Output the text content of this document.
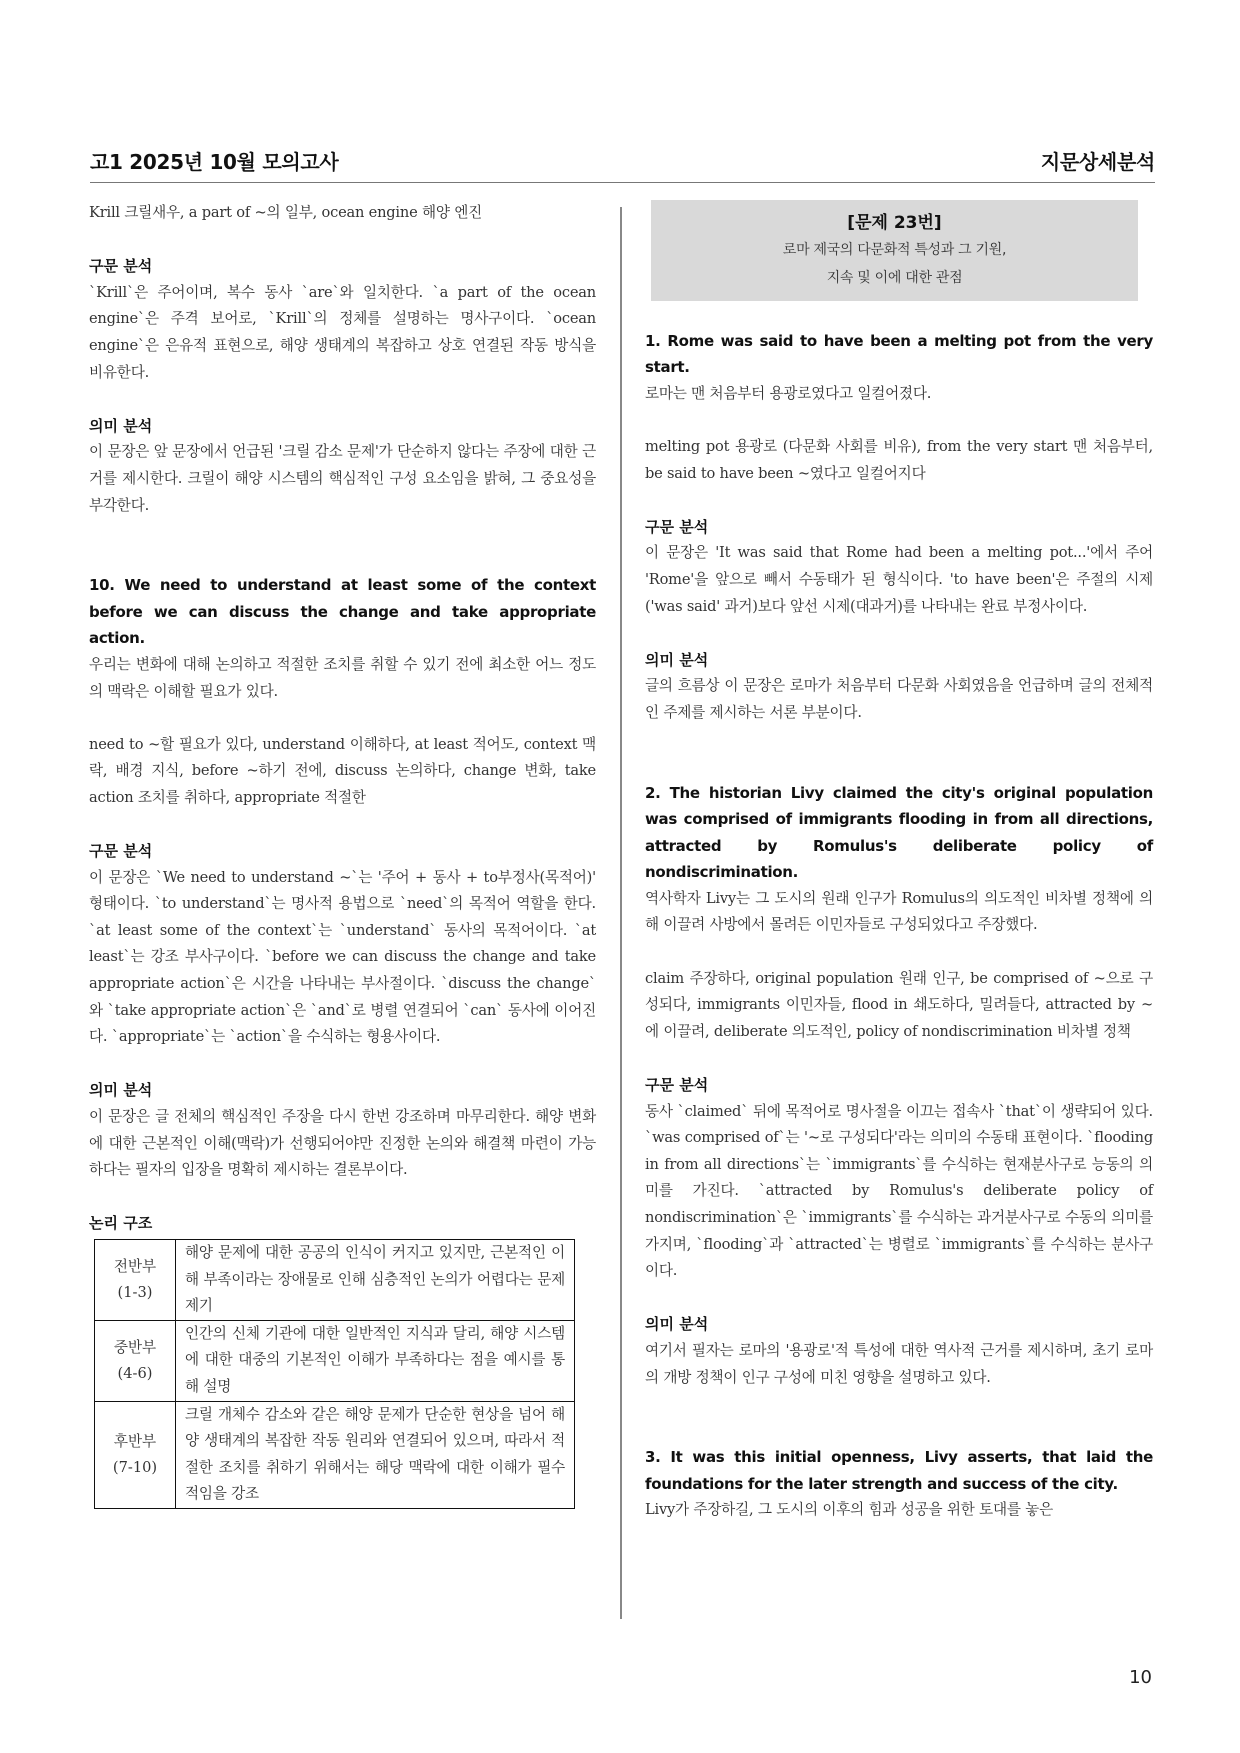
고1 2025년 10월 모의고사	지문상세분석

Krill 크릴새우, a part of ~의 일부, ocean engine 해양 엔진

구문 분석

`Krill`은 주어이며, 복수 동사 `are`와 일치한다. `a part of the ocean engine`은 주격 보어로, `Krill`의 정체를 설명하는 명사구이다. `ocean engine`은 은유적 표현으로, 해양 생태계의 복잡하고 상호 연결된 작동 방식을 비유한다.

의미 분석

이 문장은 앞 문장에서 언급된 '크릴 감소 문제'가 단순하지 않다는 주장에 대한 근거를 제시한다. 크릴이 해양 시스템의 핵심적인 구성 요소임을 밝혀, 그 중요성을 부각한다.

10. We need to understand at least some of the context before we can discuss the change and take appropriate action.

우리는 변화에 대해 논의하고 적절한 조치를 취할 수 있기 전에 최소한 어느 정도의 맥락은 이해할 필요가 있다.

need to ~할 필요가 있다, understand 이해하다, at least 적어도, context 맥락, 배경 지식, before ~하기 전에, discuss 논의하다, change 변화, take action 조치를 취하다, appropriate 적절한

구문 분석

이 문장은 `We need to understand ~`는 '주어 + 동사 + to부정사(목적어)' 형태이다. `to understand`는 명사적 용법으로 `need`의 목적어 역할을 한다. `at least some of the context`는 `understand` 동사의 목적어이다. `at least`는 강조 부사구이다. `before we can discuss the change and take appropriate action`은 시간을 나타내는 부사절이다. `discuss the change`와 `take appropriate action`은 `and`로 병렬 연결되어 `can` 동사에 이어진다. `appropriate`는 `action`을 수식하는 형용사이다.

의미 분석

이 문장은 글 전체의 핵심적인 주장을 다시 한번 강조하며 마무리한다. 해양 변화에 대한 근본적인 이해(맥락)가 선행되어야만 진정한 논의와 해결책 마련이 가능하다는 필자의 입장을 명확히 제시하는 결론부이다.

논리 구조

전반부
(1-3)	해양 문제에 대한 공공의 인식이 커지고 있지만, 근본적인 이해 부족이라는 장애물로 인해 심층적인 논의가 어렵다는 문제 제기

중반부
(4-6)	인간의 신체 기관에 대한 일반적인 지식과 달리, 해양 시스템에 대한 대중의 기본적인 이해가 부족하다는 점을 예시를 통해 설명

후반부
(7-10)	크릴 개체수 감소와 같은 해양 문제가 단순한 현상을 넘어 해양 생태계의 복잡한 작동 원리와 연결되어 있으며, 따라서 적절한 조치를 취하기 위해서는 해당 맥락에 대한 이해가 필수적임을 강조

[문제 23번]
로마 제국의 다문화적 특성과 그 기원,
지속 및 이에 대한 관점

1. Rome was said to have been a melting pot from the very start.

로마는 맨 처음부터 용광로였다고 일컬어졌다.

melting pot 용광로 (다문화 사회를 비유), from the very start 맨 처음부터, be said to have been ~였다고 일컬어지다

구문 분석

이 문장은 'It was said that Rome had been a melting pot...'에서 주어 'Rome'을 앞으로 빼서 수동태가 된 형식이다. 'to have been'은 주절의 시제('was said' 과거)보다 앞선 시제(대과거)를 나타내는 완료 부정사이다.

의미 분석

글의 흐름상 이 문장은 로마가 처음부터 다문화 사회였음을 언급하며 글의 전체적인 주제를 제시하는 서론 부분이다.

2. The historian Livy claimed the city's original population was comprised of immigrants flooding in from all directions, attracted by Romulus's deliberate policy of nondiscrimination.

역사학자 Livy는 그 도시의 원래 인구가 Romulus의 의도적인 비차별 정책에 의해 이끌려 사방에서 몰려든 이민자들로 구성되었다고 주장했다.

claim 주장하다, original population 원래 인구, be comprised of ~으로 구성되다, immigrants 이민자들, flood in 쇄도하다, 밀려들다, attracted by ~에 이끌려, deliberate 의도적인, policy of nondiscrimination 비차별 정책

구문 분석

동사 `claimed` 뒤에 목적어로 명사절을 이끄는 접속사 `that`이 생략되어 있다. `was comprised of`는 '~로 구성되다'라는 의미의 수동태 표현이다. `flooding in from all directions`는 `immigrants`를 수식하는 현재분사구로 능동의 의미를 가진다. `attracted by Romulus's deliberate policy of nondiscrimination`은 `immigrants`를 수식하는 과거분사구로 수동의 의미를 가지며, `flooding`과 `attracted`는 병렬로 `immigrants`를 수식하는 분사구이다.

의미 분석

여기서 필자는 로마의 '용광로'적 특성에 대한 역사적 근거를 제시하며, 초기 로마의 개방 정책이 인구 구성에 미친 영향을 설명하고 있다.

3. It was this initial openness, Livy asserts, that laid the foundations for the later strength and success of the city.

Livy가 주장하길, 그 도시의 이후의 힘과 성공을 위한 토대를 놓은

10
